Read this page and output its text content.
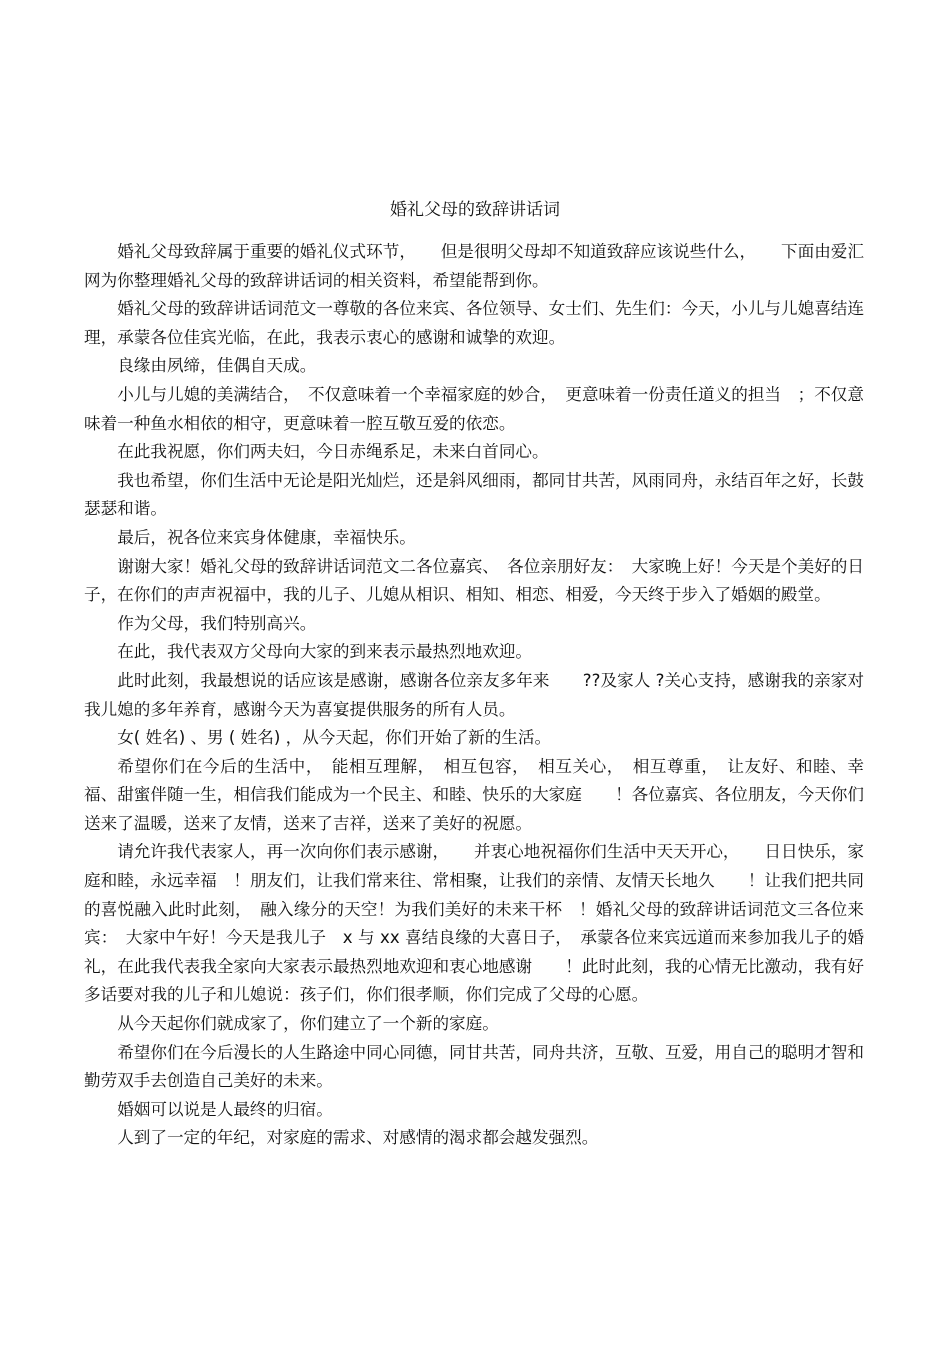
婚礼父母的致辞讲话词

婚礼父母致辞属于重要的婚礼仪式环节，　　但是很明父母却不知道致辞应该说些什么，　　下面由爱汇网为你整理婚礼父母的致辞讲话词的相关资料，希望能帮到你。

婚礼父母的致辞讲话词范文一尊敬的各位来宾、各位领导、女士们、先生们：今天，小儿与儿媳喜结连理，承蒙各位佳宾光临，在此，我表示衷心的感谢和诚挚的欢迎。

良缘由夙缔，佳偶自天成。

小儿与儿媳的美满结合，　不仅意味着一个幸福家庭的妙合，　更意味着一份责任道义的担当　；不仅意味着一种鱼水相依的相守，更意味着一腔互敬互爱的依恋。

在此我祝愿，你们两夫妇，今日赤绳系足，未来白首同心。

我也希望，你们生活中无论是阳光灿烂，还是斜风细雨，都同甘共苦，风雨同舟，永结百年之好，长鼓瑟瑟和谐。

最后，祝各位来宾身体健康，幸福快乐。

谢谢大家！婚礼父母的致辞讲话词范文二各位嘉宾、　各位亲朋好友：　大家晚上好！今天是个美好的日子，在你们的声声祝福中，我的儿子、儿媳从相识、相知、相恋、相爱，今天终于步入了婚姻的殿堂。

作为父母，我们特别高兴。

在此，我代表双方父母向大家的到来表示最热烈地欢迎。

此时此刻，我最想说的话应该是感谢，感谢各位亲友多年来　　??及家人 ?关心支持，感谢我的亲家对我儿媳的多年养育，感谢今天为喜宴提供服务的所有人员。

女( 姓名) 、男 ( 姓名) ，从今天起，你们开始了新的生活。

希望你们在今后的生活中，　能相互理解，　相互包容，　相互关心，　相互尊重，　让友好、和睦、幸福、甜蜜伴随一生，相信我们能成为一个民主、和睦、快乐的大家庭　　！各位嘉宾、各位朋友，今天你们送来了温暖，送来了友情，送来了吉祥，送来了美好的祝愿。

请允许我代表家人，再一次向你们表示感谢，　　并衷心地祝福你们生活中天天开心，　　日日快乐，家庭和睦，永远幸福　！朋友们，让我们常来往、常相聚，让我们的亲情、友情天长地久　　！让我们把共同的喜悦融入此时此刻，　融入缘分的天空！为我们美好的未来干杯　！婚礼父母的致辞讲话词范文三各位来宾：　大家中午好！今天是我儿子　x 与 xx 喜结良缘的大喜日子，　承蒙各位来宾远道而来参加我儿子的婚礼，在此我代表我全家向大家表示最热烈地欢迎和衷心地感谢　　！此时此刻，我的心情无比激动，我有好多话要对我的儿子和儿媳说：孩子们，你们很孝顺，你们完成了父母的心愿。

从今天起你们就成家了，你们建立了一个新的家庭。

希望你们在今后漫长的人生路途中同心同德，同甘共苦，同舟共济，互敬、互爱，用自己的聪明才智和勤劳双手去创造自己美好的未来。

婚姻可以说是人最终的归宿。

人到了一定的年纪，对家庭的需求、对感情的渴求都会越发强烈。
